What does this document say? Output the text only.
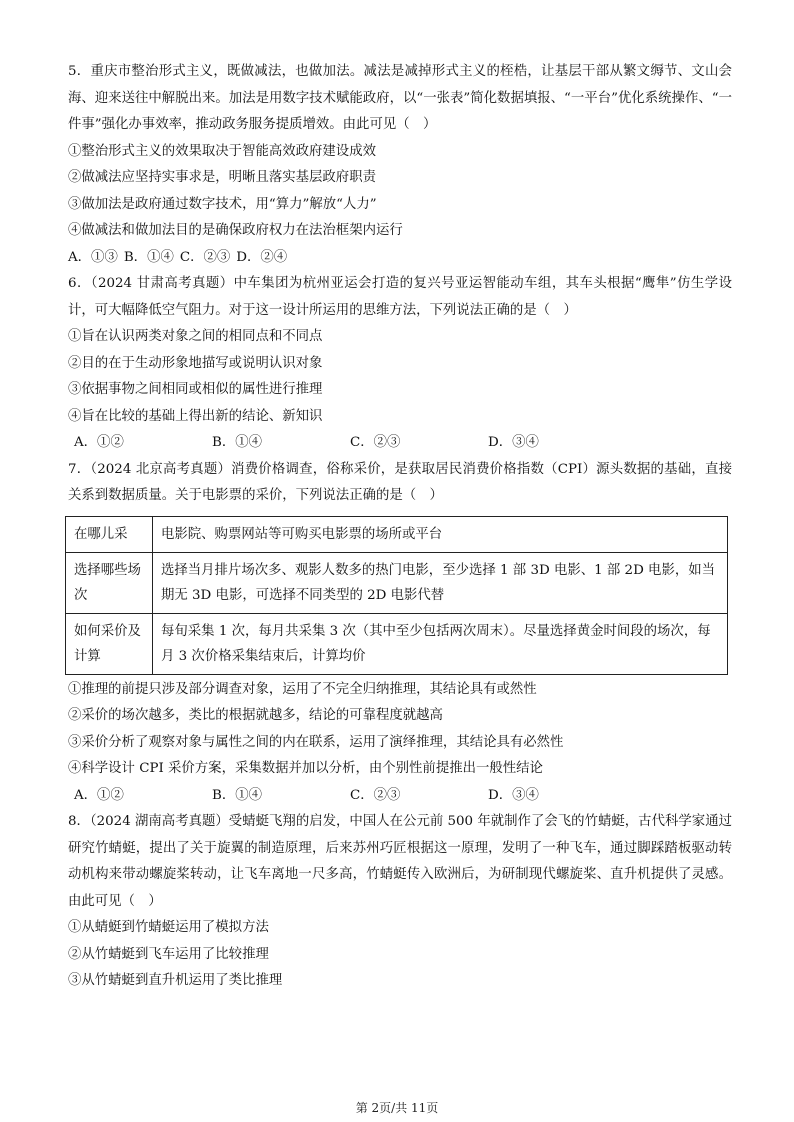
5．重庆市整治形式主义，既做减法，也做加法。减法是减掉形式主义的桎梏，让基层干部从繁文缛节、文山会海、迎来送往中解脱出来。加法是用数字技术赋能政府，以“一张表”简化数据填报、“一平台”优化系统操作、“一件事”强化办事效率，推动政务服务提质增效。由此可见（　）
①整治形式主义的效果取决于智能高效政府建设成效
②做减法应坚持实事求是，明晰且落实基层政府职责
③做加法是政府通过数字技术，用“算力”解放“人力”
④做减法和做加法目的是确保政府权力在法治框架内运行
A．①③ B．①④ C．②③ D．②④
6．（2024 甘肃高考真题）中车集团为杭州亚运会打造的复兴号亚运智能动车组，其车头根据“鹰隼”仿生学设计，可大幅降低空气阻力。对于这一设计所运用的思维方法，下列说法正确的是（　）
①旨在认识两类对象之间的相同点和不同点
②目的在于生动形象地描写或说明认识对象
③依据事物之间相同或相似的属性进行推理
④旨在比较的基础上得出新的结论、新知识
A．①②	B．①④	C．②③	D．③④
7．（2024 北京高考真题）消费价格调查，俗称采价，是获取居民消费价格指数（CPI）源头数据的基础，直接关系到数据质量。关于电影票的采价，下列说法正确的是（　）
在哪儿采	电影院、购票网站等可购买电影票的场所或平台
选择哪些场次	选择当月排片场次多、观影人数多的热门电影，至少选择 1 部 3D 电影、1 部 2D 电影，如当期无 3D 电影，可选择不同类型的 2D 电影代替
如何采价及计算	每旬采集 1 次，每月共采集 3 次（其中至少包括两次周末）。尽量选择黄金时间段的场次，每月 3 次价格采集结束后，计算均价
①推理的前提只涉及部分调查对象，运用了不完全归纳推理，其结论具有或然性
②采价的场次越多，类比的根据就越多，结论的可靠程度就越高
③采价分析了观察对象与属性之间的内在联系，运用了演绎推理，其结论具有必然性
④科学设计 CPI 采价方案，采集数据并加以分析，由个别性前提推出一般性结论
A．①②	B．①④	C．②③	D．③④
8．（2024 湖南高考真题）受蜻蜓飞翔的启发，中国人在公元前 500 年就制作了会飞的竹蜻蜓，古代科学家通过研究竹蜻蜓，提出了关于旋翼的制造原理，后来苏州巧匠根据这一原理，发明了一种飞车，通过脚踩踏板驱动转动机构来带动螺旋桨转动，让飞车离地一尺多高，竹蜻蜓传入欧洲后，为研制现代螺旋桨、直升机提供了灵感。由此可见（　）
①从蜻蜓到竹蜻蜓运用了模拟方法
②从竹蜻蜓到飞车运用了比较推理
③从竹蜻蜓到直升机运用了类比推理
第 2页/共 11页
